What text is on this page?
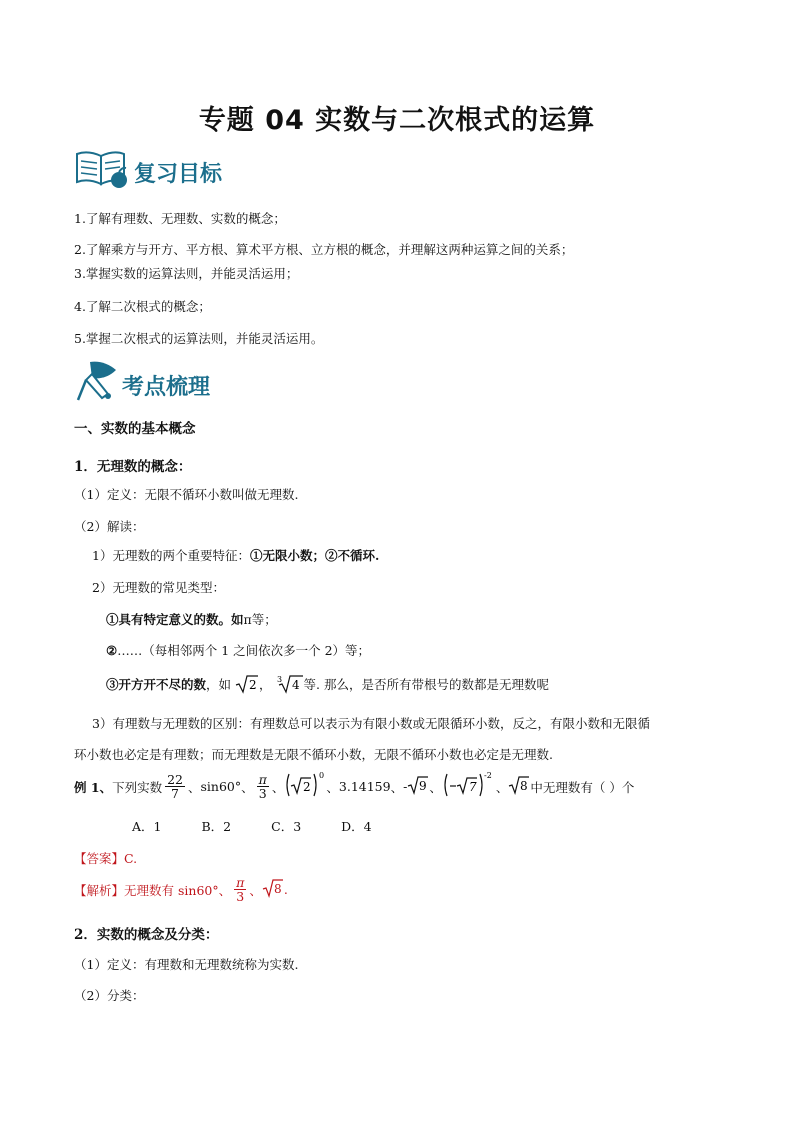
专题 04 实数与二次根式的运算
复习目标
1.了解有理数、无理数、实数的概念；
2.了解乘方与开方、平方根、算术平方根、立方根的概念，并理解这两种运算之间的关系；
3.掌握实数的运算法则，并能灵活运用；
4.了解二次根式的概念；
5.掌握二次根式的运算法则，并能灵活运用。
考点梳理
一、实数的基本概念
1．无理数的概念：
（1）定义：无限不循环小数叫做无理数.
（2）解读：
1）无理数的两个重要特征：①无限小数；②不循环.
2）无理数的常见类型：
①具有特定意义的数。如π等；
②……（每相邻两个 1 之间依次多一个 2）等；
③开方开不尽的数，如 2 ， 3 4 等. 那么，是否所有带根号的数都是无理数呢
3）有理数与无理数的区别：有理数总可以表示为有限小数或无限循环小数，反之，有限小数和无限循
环小数也必定是有理数；而无理数是无限不循环小数，无限不循环小数也必定是无理数.
例 1、 下列实数 $\frac{22}{7}$ 、 sin60° 、 $\frac{\pi}{3}$ 、 2
0
、 3.14159 、 - 9 、 7
-2
、 8 中无理数有（ ）个
A．1	B．2	C．3	D．4
【答案】C.
【解析】 无理数有 sin60°、 $\frac{\pi}{3}$ 、 8 .
2．实数的概念及分类：
（1）定义：有理数和无理数统称为实数.
（2）分类：
